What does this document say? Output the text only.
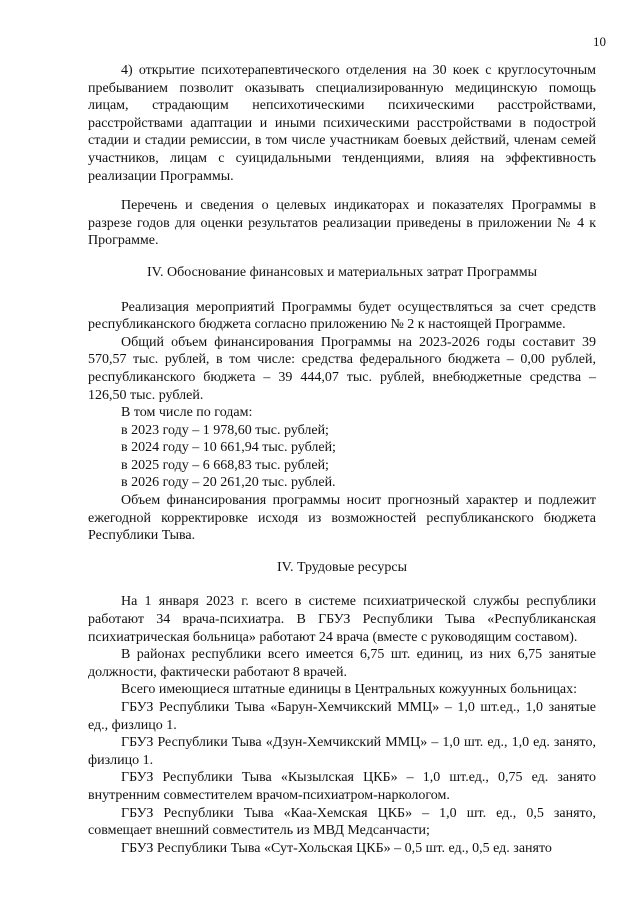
10

4) открытие психотерапевтического отделения на 30 коек с круглосуточным пребыванием позволит оказывать специализированную медицинскую помощь лицам, страдающим непсихотическими психическими расстройствами, расстройствами адаптации и иными психическими расстройствами в подострой стадии и стадии ремиссии, в том числе участникам боевых действий, членам семей участников, лицам с суицидальными тенденциями, влияя на эффективность реализации Программы.

Перечень и сведения о целевых индикаторах и показателях Программы в разрезе годов для оценки результатов реализации приведены в приложении № 4 к Программе.

IV. Обоснование финансовых и материальных затрат Программы

Реализация мероприятий Программы будет осуществляться за счет средств республиканского бюджета согласно приложению № 2 к настоящей Программе.

Общий объем финансирования Программы на 2023-2026 годы составит 39 570,57 тыс. рублей, в том числе: средства федерального бюджета – 0,00 рублей, республиканского бюджета – 39 444,07 тыс. рублей, внебюджетные средства – 126,50 тыс. рублей.

В том числе по годам:

в 2023 году – 1 978,60 тыс. рублей;

в 2024 году – 10 661,94 тыс. рублей;

в 2025 году – 6 668,83 тыс. рублей;

в 2026 году – 20 261,20 тыс. рублей.

Объем финансирования программы носит прогнозный характер и подлежит ежегодной корректировке исходя из возможностей республиканского бюджета Республики Тыва.

IV. Трудовые ресурсы

На 1 января 2023 г. всего в системе психиатрической службы республики работают 34 врача-психиатра. В ГБУЗ Республики Тыва «Республиканская психиатрическая больница» работают 24 врача (вместе с руководящим составом).

В районах республики всего имеется 6,75 шт. единиц, из них 6,75 занятые должности, фактически работают 8 врачей.

Всего имеющиеся штатные единицы в Центральных кожуунных больницах:

ГБУЗ Республики Тыва «Барун-Хемчикский ММЦ» – 1,0 шт.ед., 1,0 занятые ед., физлицо 1.

ГБУЗ Республики Тыва «Дзун-Хемчикский ММЦ» – 1,0 шт. ед., 1,0 ед. занято, физлицо 1.

ГБУЗ Республики Тыва «Кызылская ЦКБ» – 1,0 шт.ед., 0,75 ед. занято внутренним совместителем врачом-психиатром-наркологом.

ГБУЗ Республики Тыва «Каа-Хемская ЦКБ» – 1,0 шт. ед., 0,5 занято, совмещает внешний совместитель из МВД Медсанчасти;

ГБУЗ Республики Тыва «Сут-Хольская ЦКБ» – 0,5 шт. ед., 0,5 ед. занято
